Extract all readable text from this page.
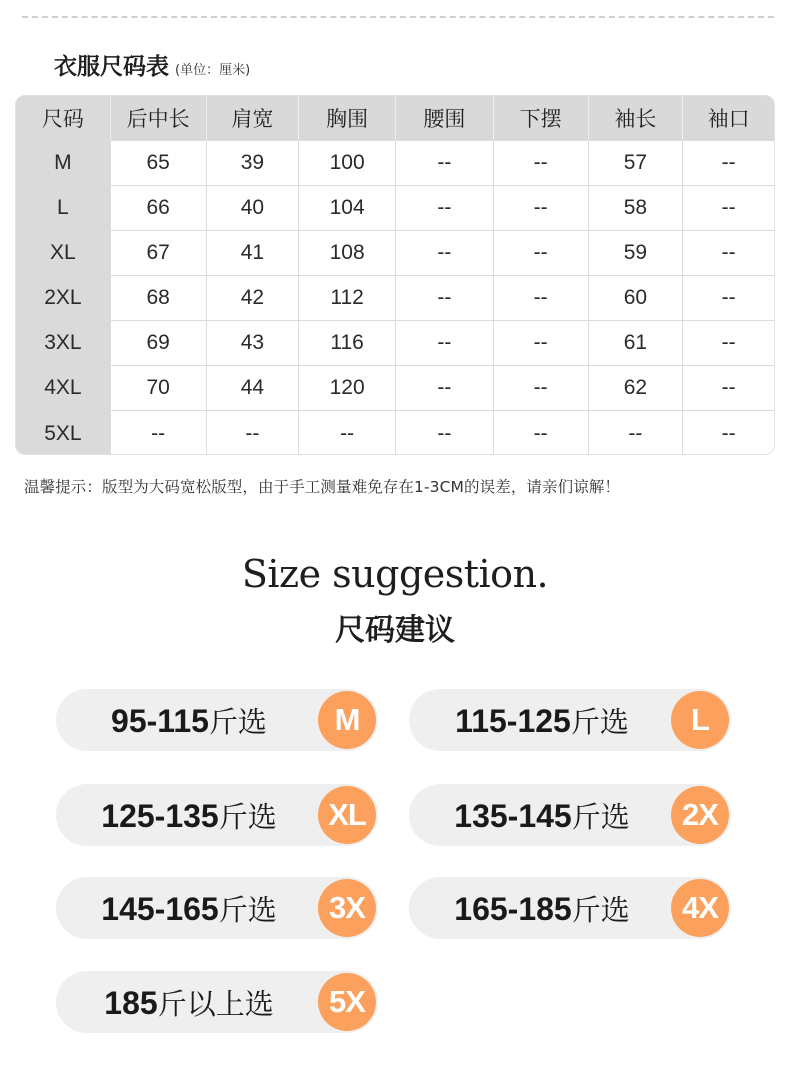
衣服尺码表 (单位：厘米)
尺码	后中长	肩宽	胸围	腰围	下摆	袖长	袖口
M	65	39	100	--	--	57	--
L	66	40	104	--	--	58	--
XL	67	41	108	--	--	59	--
2XL	68	42	112	--	--	60	--
3XL	69	43	116	--	--	61	--
4XL	70	44	120	--	--	62	--
5XL	--	--	--	--	--	--	--
温馨提示：版型为大码宽松版型，由于手工测量难免存在1-3CM的误差，请亲们谅解！
Size suggestion.
尺码建议
95-115斤选	M	115-125斤选	L
125-135斤选	XL	135-145斤选	2X
145-165斤选	3X	165-185斤选	4X
185斤以上选	5X
